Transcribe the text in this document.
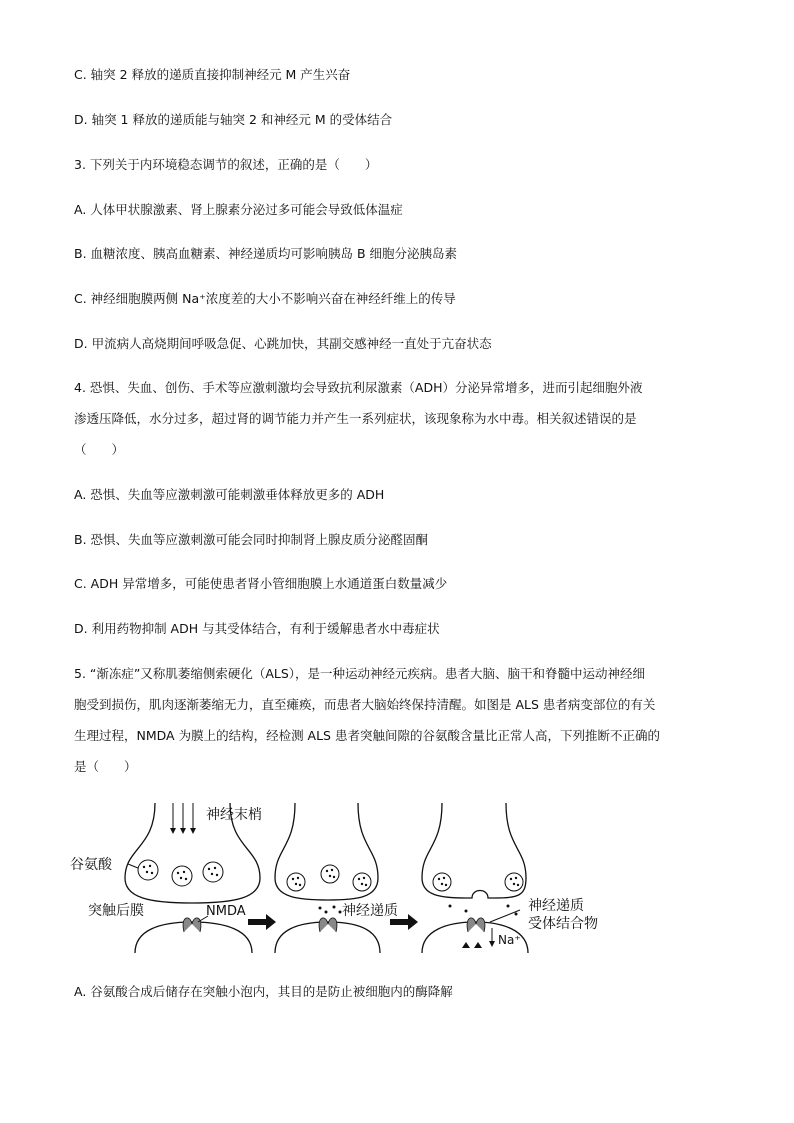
C. 轴突 2 释放的递质直接抑制神经元 M 产生兴奋
D. 轴突 1 释放的递质能与轴突 2 和神经元 M 的受体结合
3. 下列关于内环境稳态调节的叙述，正确的是（　　）
A. 人体甲状腺激素、肾上腺素分泌过多可能会导致低体温症
B. 血糖浓度、胰高血糖素、神经递质均可影响胰岛 B 细胞分泌胰岛素
C. 神经细胞膜两侧 Na⁺浓度差的大小不影响兴奋在神经纤维上的传导
D. 甲流病人高烧期间呼吸急促、心跳加快，其副交感神经一直处于亢奋状态
4. 恐惧、失血、创伤、手术等应激刺激均会导致抗利尿激素（ADH）分泌异常增多，进而引起细胞外液
渗透压降低，水分过多，超过肾的调节能力并产生一系列症状，该现象称为水中毒。相关叙述错误的是
（　　）
A. 恐惧、失血等应激刺激可能刺激垂体释放更多的 ADH
B. 恐惧、失血等应激刺激可能会同时抑制肾上腺皮质分泌醛固酮
C. ADH 异常增多，可能使患者肾小管细胞膜上水通道蛋白数量减少
D. 利用药物抑制 ADH 与其受体结合，有利于缓解患者水中毒症状
5. “渐冻症”又称肌萎缩侧索硬化（ALS），是一种运动神经元疾病。患者大脑、脑干和脊髓中运动神经细
胞受到损伤，肌肉逐渐萎缩无力，直至瘫痪，而患者大脑始终保持清醒。如图是 ALS 患者病变部位的有关
生理过程，NMDA 为膜上的结构，经检测 ALS 患者突触间隙的谷氨酸含量比正常人高，下列推断不正确的
是（　　）
神经末梢
谷氨酸
突触后膜	NMDA	神经递质
Na⁺
神经递质
受体结合物
A. 谷氨酸合成后储存在突触小泡内，其目的是防止被细胞内的酶降解
